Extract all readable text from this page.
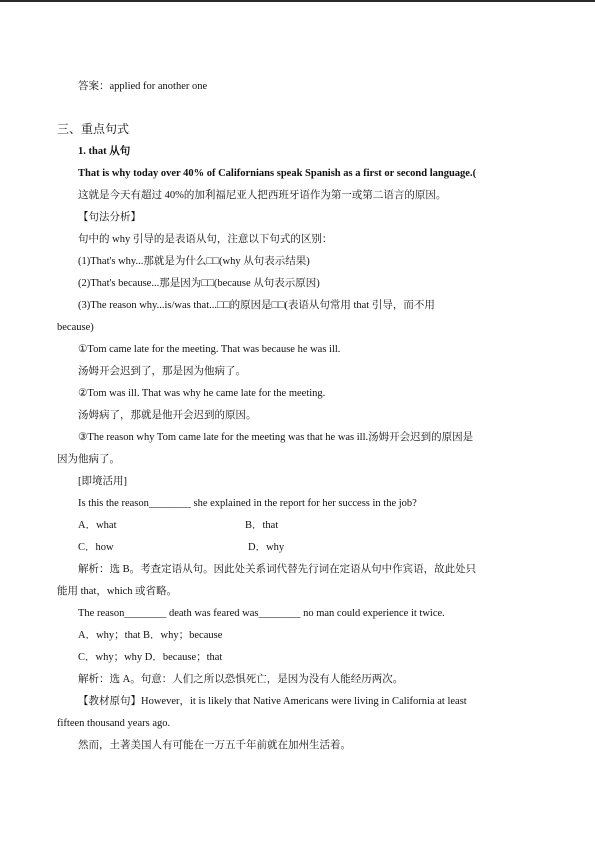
答案：applied for another one
三、重点句式
1. that 从句
That is why today over 40% of Californians speak Spanish as a first or second language.(
这就是今天有超过 40%的加利福尼亚人把西班牙语作为第一或第二语言的原因。
【句法分析】
句中的 why 引导的是表语从句，注意以下句式的区别：
(1)That's why...那就是为什么□□(why 从句表示结果)
(2)That's because...那是因为□□(because 从句表示原因)
(3)The reason why...is/was that...□□的原因是□□(表语从句常用 that 引导，而不用
because)
①Tom came late for the meeting. That was because he was ill.
汤姆开会迟到了，那是因为他病了。
②Tom was ill. That was why he came late for the meeting.
汤姆病了，那就是他开会迟到的原因。
③The reason why Tom came late for the meeting was that he was ill.汤姆开会迟到的原因是
因为他病了。
[即境活用]
Is this the reason________ she explained in the report for her success in the job?
A．what	B．that
C．how	D．why
解析：选 B。考查定语从句。因此处关系词代替先行词在定语从句中作宾语，故此处只
能用 that，which 或省略。
The reason________ death was feared was________ no man could experience it twice.
A．why；that B．why；because
C．why；why D．because；that
解析：选 A。句意：人们之所以恐惧死亡，是因为没有人能经历两次。
【教材原句】However，it is likely that Native Americans were living in California at least
fifteen thousand years ago.
然而，土著美国人有可能在一万五千年前就在加州生活着。
